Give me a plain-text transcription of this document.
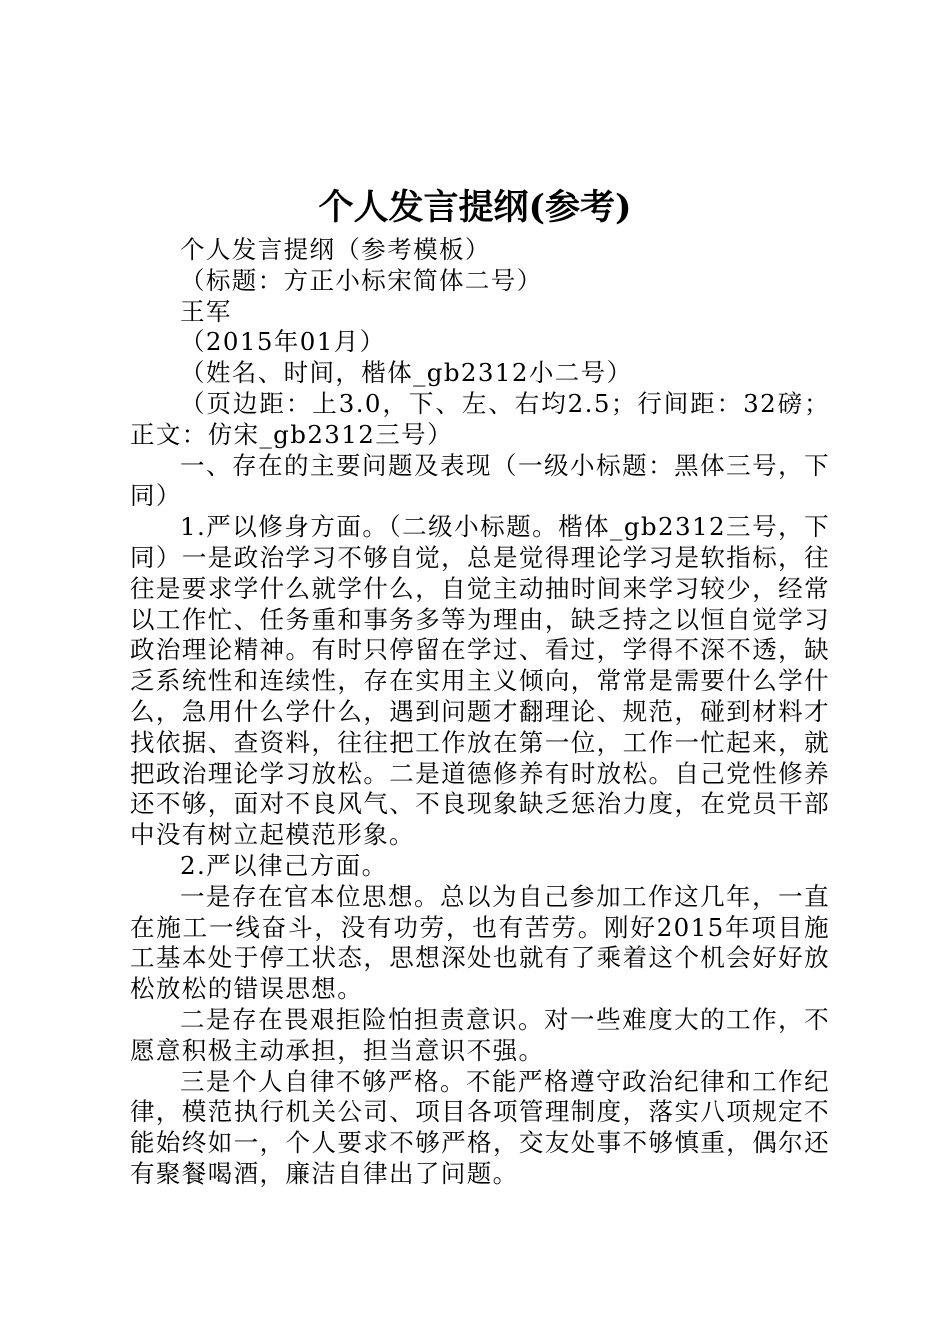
个人发言提纲(参考)

个人发言提纲（参考模板）

（标题：方正小标宋简体二号）

王军

（2015年01月）

（姓名、时间，楷体_gb2312小二号）

（页边距：上3.0，下、左、右均2.5；行间距：32磅；正文：仿宋_gb2312三号）

一、存在的主要问题及表现（一级小标题：黑体三号，下同）

1.严以修身方面。（二级小标题。楷体_gb2312三号，下同）一是政治学习不够自觉，总是觉得理论学习是软指标，往往是要求学什么就学什么，自觉主动抽时间来学习较少，经常以工作忙、任务重和事务多等为理由，缺乏持之以恒自觉学习政治理论精神。有时只停留在学过、看过，学得不深不透，缺乏系统性和连续性，存在实用主义倾向，常常是需要什么学什么，急用什么学什么，遇到问题才翻理论、规范，碰到材料才找依据、查资料，往往把工作放在第一位，工作一忙起来，就把政治理论学习放松。二是道德修养有时放松。自己党性修养还不够，面对不良风气、不良现象缺乏惩治力度，在党员干部中没有树立起模范形象。

2.严以律己方面。

一是存在官本位思想。总以为自己参加工作这几年，一直在施工一线奋斗，没有功劳，也有苦劳。刚好2015年项目施工基本处于停工状态，思想深处也就有了乘着这个机会好好放松放松的错误思想。

二是存在畏艰拒险怕担责意识。对一些难度大的工作，不愿意积极主动承担，担当意识不强。

三是个人自律不够严格。不能严格遵守政治纪律和工作纪律，模范执行机关公司、项目各项管理制度，落实八项规定不能始终如一，个人要求不够严格，交友处事不够慎重，偶尔还有聚餐喝酒，廉洁自律出了问题。
